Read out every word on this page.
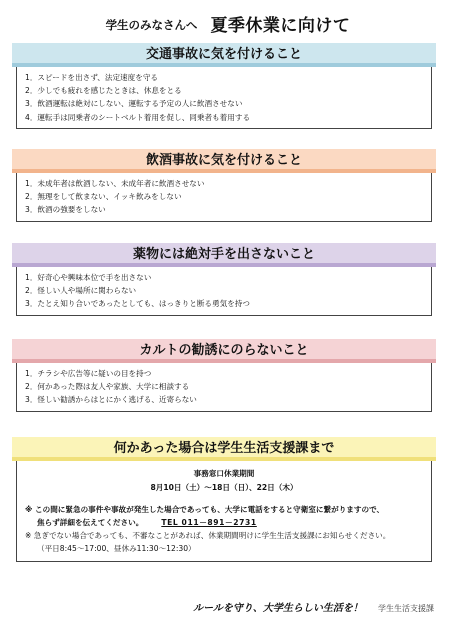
学生のみなさんへ 夏季休業に向けて
交通事故に気を付けること
1．スピードを出さず、法定速度を守る
2．少しでも疲れを感じたときは、休息をとる
3．飲酒運転は絶対にしない、運転する予定の人に飲酒させない
4．運転手は同乗者のシートベルト着用を促し、同乗者も着用する
飲酒事故に気を付けること
1．未成年者は飲酒しない、未成年者に飲酒させない
2．無理をして飲まない、イッキ飲みをしない
3．飲酒の強要をしない
薬物には絶対手を出さないこと
1．好奇心や興味本位で手を出さない
2．怪しい人や場所に関わらない
3．たとえ知り合いであったとしても、はっきりと断る勇気を持つ
カルトの勧誘にのらないこと
1．チラシや広告等に疑いの目を持つ
2．何かあった際は友人や家族、大学に相談する
3．怪しい勧誘からはとにかく逃げる、近寄らない
何かあった場合は学生生活支援課まで
事務窓口休業期間
8月10日（土）～18日（日）、22日（木）
※ この間に緊急の事件や事故が発生した場合であっても、大学に電話をすると守衛室に繋がりますので、
焦らず詳細を伝えてください。 TEL 011－891－2731
※ 急ぎでない場合であっても、不審なことがあれば、休業期間明けに学生生活支援課にお知らせください。
（平日8:45～17:00、昼休み11:30～12:30）
ルールを守り、大学生らしい生活を！ 学生生活支援課
